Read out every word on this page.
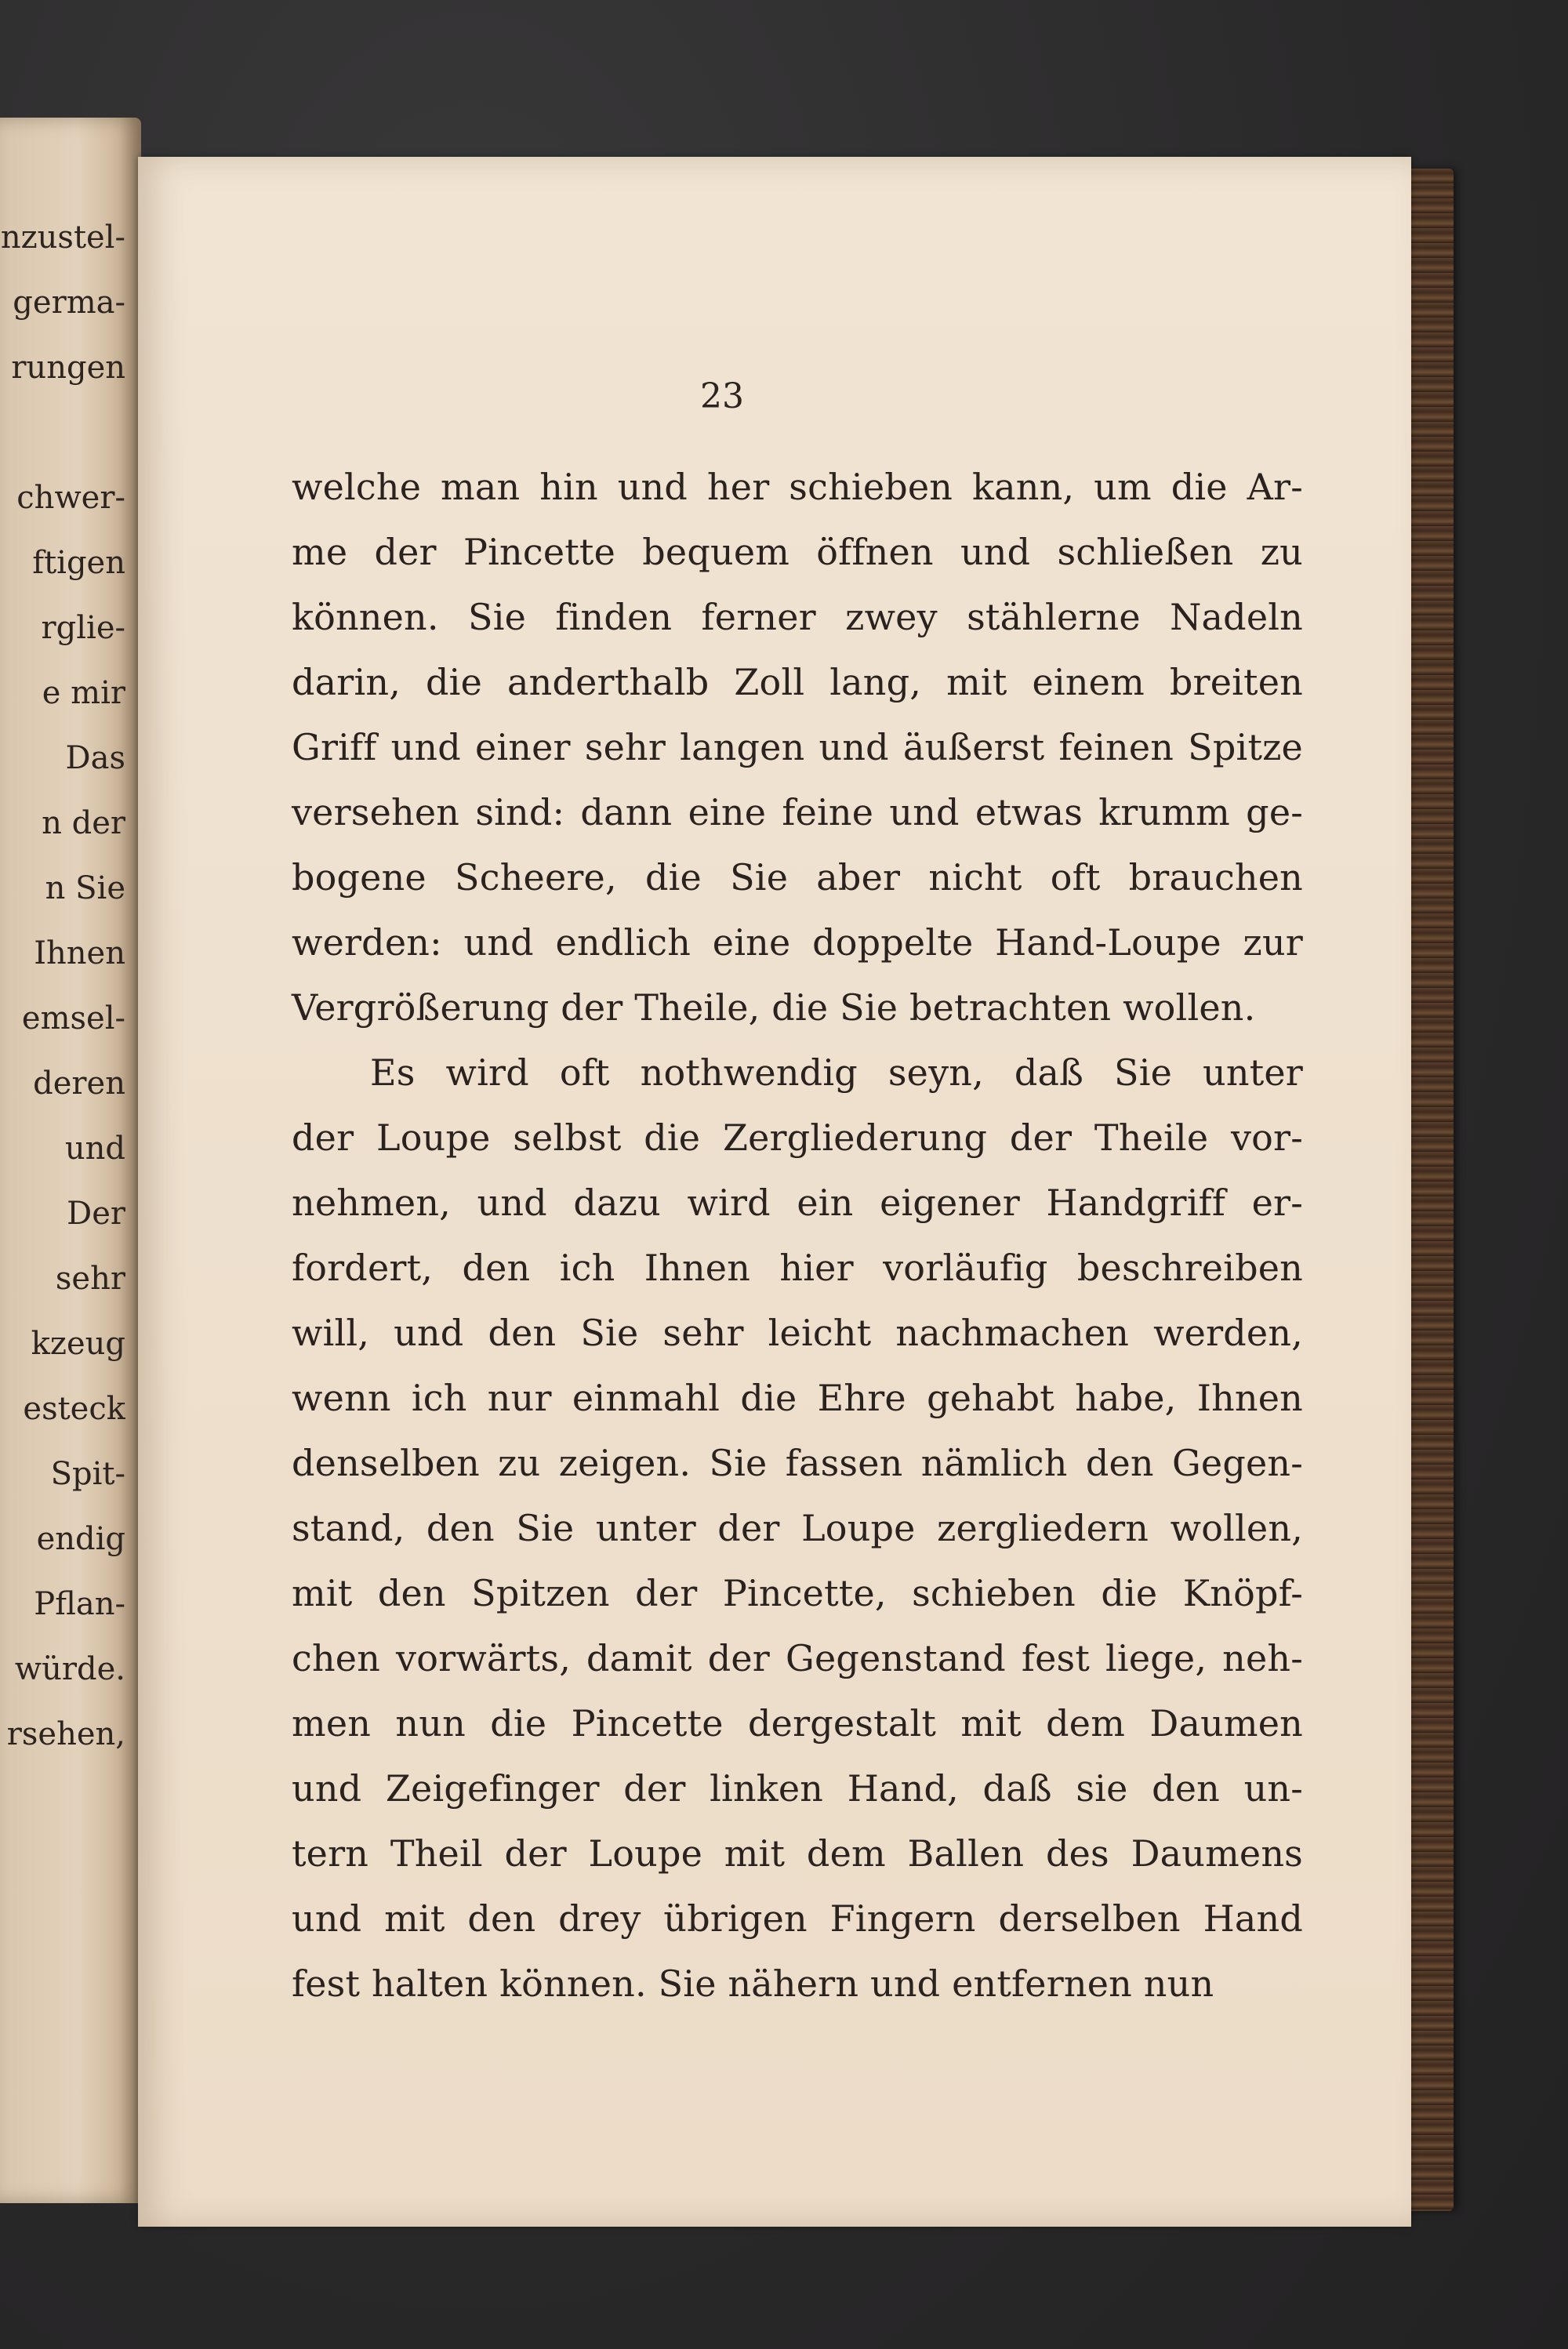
nzustel-
germa-
rungen
chwer-
ftigen
rglie-
e mir
Das
n der
n Sie
Ihnen
emsel-
deren
und
Der
sehr
kzeug
esteck
Spit-
endig
Pflan-
würde.
rsehen,
23
welche man hin und her schieben kann, um die Ar-
me der Pincette bequem öffnen und schließen zu
können. Sie finden ferner zwey stählerne Nadeln
darin, die anderthalb Zoll lang, mit einem breiten
Griff und einer sehr langen und äußerst feinen Spitze
versehen sind: dann eine feine und etwas krumm ge-
bogene Scheere, die Sie aber nicht oft brauchen
werden: und endlich eine doppelte Hand-Loupe zur
Vergrößerung der Theile, die Sie betrachten wollen.
Es wird oft nothwendig seyn, daß Sie unter
der Loupe selbst die Zergliederung der Theile vor-
nehmen, und dazu wird ein eigener Handgriff er-
fordert, den ich Ihnen hier vorläufig beschreiben
will, und den Sie sehr leicht nachmachen werden,
wenn ich nur einmahl die Ehre gehabt habe, Ihnen
denselben zu zeigen. Sie fassen nämlich den Gegen-
stand, den Sie unter der Loupe zergliedern wollen,
mit den Spitzen der Pincette, schieben die Knöpf-
chen vorwärts, damit der Gegenstand fest liege, neh-
men nun die Pincette dergestalt mit dem Daumen
und Zeigefinger der linken Hand, daß sie den un-
tern Theil der Loupe mit dem Ballen des Daumens
und mit den drey übrigen Fingern derselben Hand
fest halten können. Sie nähern und entfernen nun
